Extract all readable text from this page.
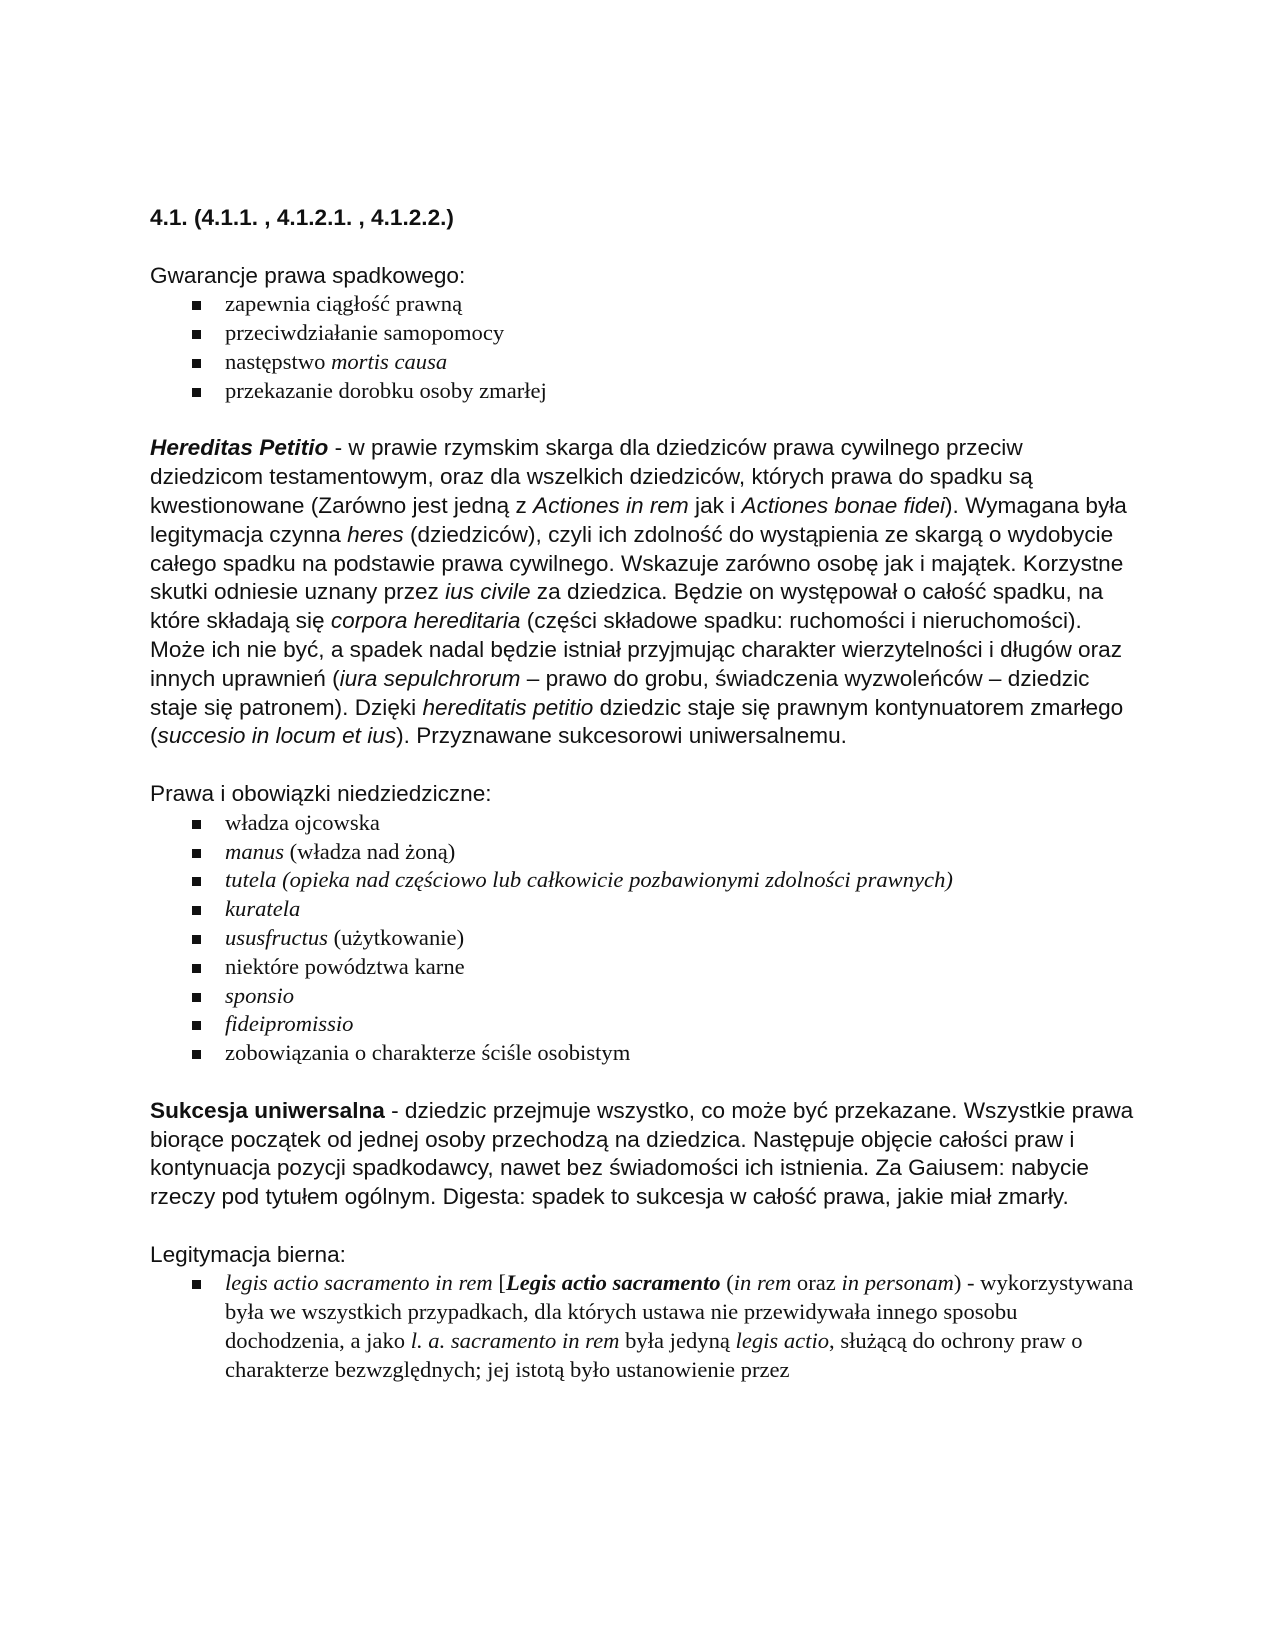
4.1. (4.1.1. , 4.1.2.1. , 4.1.2.2.)

Gwarancje prawa spadkowego:

zapewnia ciągłość prawną
przeciwdziałanie samopomocy
następstwo mortis causa
przekazanie dorobku osoby zmarłej

Hereditas Petitio - w prawie rzymskim skarga dla dziedziców prawa cywilnego przeciw dziedzicom testamentowym, oraz dla wszelkich dziedziców, których prawa do spadku są kwestionowane (Zarówno jest jedną z Actiones in rem jak i Actiones bonae fidei). Wymagana była legitymacja czynna heres (dziedziców), czyli ich zdolność do wystąpienia ze skargą o wydobycie całego spadku na podstawie prawa cywilnego. Wskazuje zarówno osobę jak i majątek. Korzystne skutki odniesie uznany przez ius civile za dziedzica. Będzie on występował o całość spadku, na które składają się corpora hereditaria (części składowe spadku: ruchomości i nieruchomości). Może ich nie być, a spadek nadal będzie istniał przyjmując charakter wierzytelności i długów oraz innych uprawnień (iura sepulchrorum – prawo do grobu, świadczenia wyzwoleńców – dziedzic staje się patronem). Dzięki hereditatis petitio dziedzic staje się prawnym kontynuatorem zmarłego (succesio in locum et ius). Przyznawane sukcesorowi uniwersalnemu.

Prawa i obowiązki niedziedziczne:

władza ojcowska
manus (władza nad żoną)
tutela (opieka nad częściowo lub całkowicie pozbawionymi zdolności prawnych)
kuratela
ususfructus (użytkowanie)
niektóre powództwa karne
sponsio
fideipromissio
zobowiązania o charakterze ściśle osobistym

Sukcesja uniwersalna - dziedzic przejmuje wszystko, co może być przekazane. Wszystkie prawa biorące początek od jednej osoby przechodzą na dziedzica. Następuje objęcie całości praw i kontynuacja pozycji spadkodawcy, nawet bez świadomości ich istnienia. Za Gaiusem: nabycie rzeczy pod tytułem ogólnym. Digesta: spadek to sukcesja w całość prawa, jakie miał zmarły.

Legitymacja bierna:

legis actio sacramento in rem [Legis actio sacramento (in rem oraz in personam) - wykorzystywana była we wszystkich przypadkach, dla których ustawa nie przewidywała innego sposobu dochodzenia, a jako l. a. sacramento in rem była jedyną legis actio, służącą do ochrony praw o charakterze bezwzględnych; jej istotą było ustanowienie przez
